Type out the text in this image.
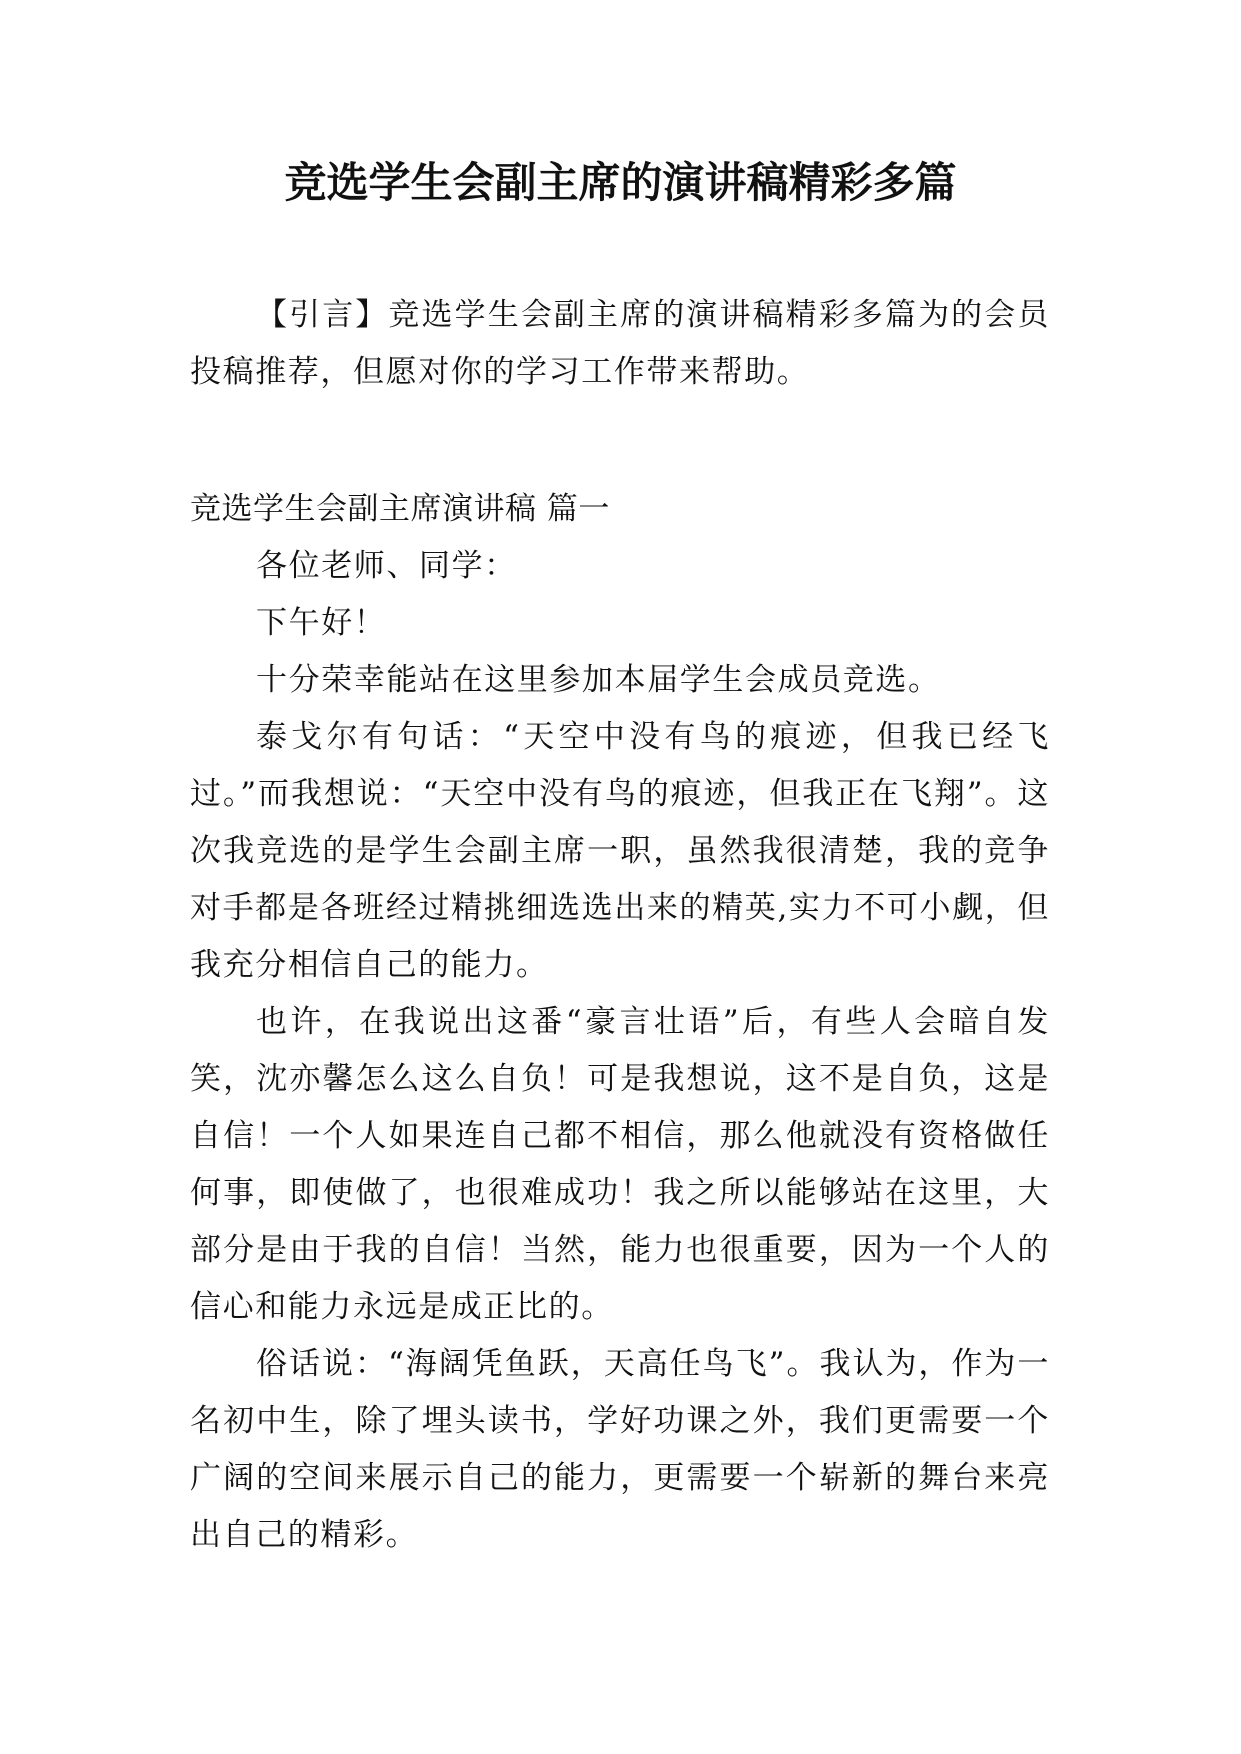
竞选学生会副主席的演讲稿精彩多篇

【引言】竞选学生会副主席的演讲稿精彩多篇为的会员投稿推荐，但愿对你的学习工作带来帮助。

竞选学生会副主席演讲稿 篇一

各位老师、同学：

下午好！

十分荣幸能站在这里参加本届学生会成员竞选。

泰戈尔有句话：“天空中没有鸟的痕迹，但我已经飞过。”而我想说：“天空中没有鸟的痕迹，但我正在飞翔”。这次我竞选的是学生会副主席一职，虽然我很清楚，我的竞争对手都是各班经过精挑细选选出来的精英,实力不可小觑，但我充分相信自己的能力。

也许，在我说出这番“豪言壮语”后，有些人会暗自发笑，沈亦馨怎么这么自负！可是我想说，这不是自负，这是自信！一个人如果连自己都不相信，那么他就没有资格做任何事，即使做了，也很难成功！我之所以能够站在这里，大部分是由于我的自信！当然，能力也很重要，因为一个人的信心和能力永远是成正比的。

俗话说：“海阔凭鱼跃，天高任鸟飞”。我认为，作为一名初中生，除了埋头读书，学好功课之外，我们更需要一个广阔的空间来展示自己的能力，更需要一个崭新的舞台来亮出自己的精彩。
